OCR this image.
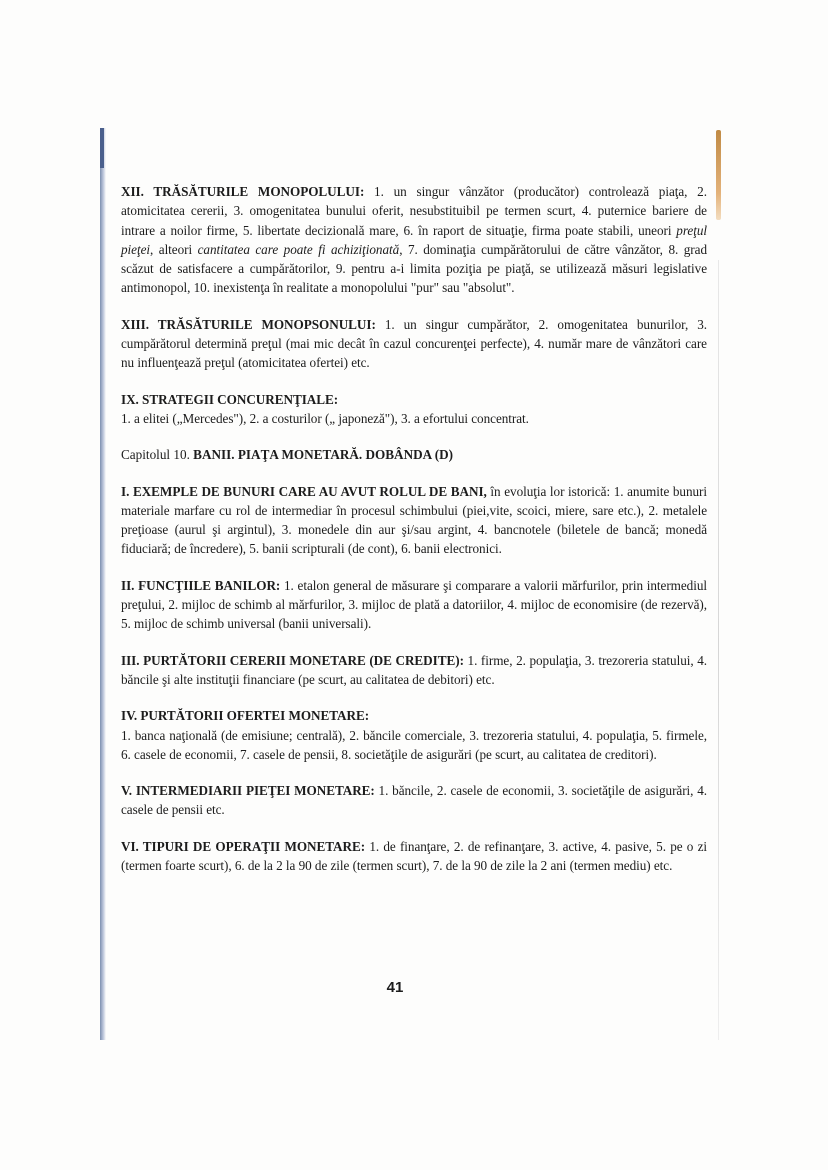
XII. TRĂSĂTURILE MONOPOLULUI: 1. un singur vânzător (producător) controlează piaţa, 2. atomicitatea cererii, 3. omogenitatea bunului oferit, nesubstituibil pe termen scurt, 4. puternice bariere de intrare a noilor firme, 5. libertate decizională mare, 6. în raport de situaţie, firma poate stabili, uneori preţul pieţei, alteori cantitatea care poate fi achiziţionată, 7. dominaţia cumpărătorului de către vânzător, 8. grad scăzut de satisfacere a cumpărătorilor, 9. pentru a-i limita poziţia pe piaţă, se utilizează măsuri legislative antimonopol, 10. inexistenţa în realitate a monopolului "pur" sau "absolut".

XIII. TRĂSĂTURILE MONOPSONULUI: 1. un singur cumpărător, 2. omogenitatea bunurilor, 3. cumpărătorul determină preţul (mai mic decât în cazul concurenţei perfecte), 4. număr mare de vânzători care nu influenţează preţul (atomicitatea ofertei) etc.

IX. STRATEGII CONCURENŢIALE:
1. a elitei („Mercedes"), 2. a costurilor („ japoneză"), 3. a efortului concentrat.

Capitolul 10. BANII. PIAŢA MONETARĂ. DOBÂNDA (D)

I. EXEMPLE DE BUNURI CARE AU AVUT ROLUL DE BANI, în evoluţia lor istorică: 1. anumite bunuri materiale marfare cu rol de intermediar în procesul schimbului (piei,vite, scoici, miere, sare etc.), 2. metalele preţioase (aurul şi argintul), 3. monedele din aur şi/sau argint, 4. bancnotele (biletele de bancă; monedă fiduciară; de încredere), 5. banii scripturali (de cont), 6. banii electronici.

II. FUNCŢIILE BANILOR: 1. etalon general de măsurare şi comparare a valorii mărfurilor, prin intermediul preţului, 2. mijloc de schimb al mărfurilor, 3. mijloc de plată a datoriilor, 4. mijloc de economisire (de rezervă), 5. mijloc de schimb universal (banii universali).

III. PURTĂTORII CERERII MONETARE (DE CREDITE): 1. firme, 2. populaţia, 3. trezoreria statului, 4. băncile şi alte instituţii financiare (pe scurt, au calitatea de debitori) etc.

IV. PURTĂTORII OFERTEI MONETARE:
1. banca naţională (de emisiune; centrală), 2. băncile comerciale, 3. trezoreria statului, 4. populaţia, 5. firmele, 6. casele de economii, 7. casele de pensii, 8. societăţile de asigurări (pe scurt, au calitatea de creditori).

V. INTERMEDIARII PIEŢEI MONETARE: 1. băncile, 2. casele de economii, 3. societăţile de asigurări, 4. casele de pensii etc.

VI. TIPURI DE OPERAŢII MONETARE: 1. de finanţare, 2. de refinanţare, 3. active, 4. pasive, 5. pe o zi (termen foarte scurt), 6. de la 2 la 90 de zile (termen scurt), 7. de la 90 de zile la 2 ani (termen mediu) etc.

41
